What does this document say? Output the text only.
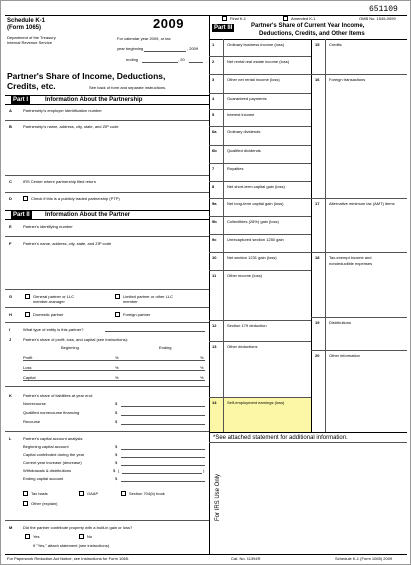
651109
Schedule K-1
(Form 1065)
Department of the Treasury
Internal Revenue Service
2009
For calendar year 2009, or tax
year beginning	, 2009
ending	, 20
Partner's Share of Income, Deductions,
Credits, etc.	See back of form and separate instructions.
Final K-1	Amended K-1	OMB No. 1545-0099
Part I	Information About the Partnership
A	Partnership's employer identification number
B	Partnership's name, address, city, state, and ZIP code
C	IRS Center where partnership filed return
D	Check if this is a publicly traded partnership (PTP)
Part II	Information About the Partner
E	Partner's identifying number
F	Partner's name, address, city, state, and ZIP code
G	General partner or LLC
member-manager
Limited partner or other LLC
member
H	Domestic partner	Foreign partner
I	What type of entity is this partner?
J	Partner's share of profit, loss, and capital (see instructions):
Beginning	Ending
Profit	%	%
Loss	%	%
Capital	%	%
K	Partner's share of liabilities at year end:
Nonrecourse	$
Qualified nonrecourse financing	$
Recourse	$
L	Partner's capital account analysis:
Beginning capital account	$
Capital contributed during the year	$
Current year increase (decrease)	$
Withdrawals & distributions	$ (	)
Ending capital account	$
Tax basis	GAAP	Section 704(b) book
Other (explain)
M	Did the partner contribute property with a built-in gain or loss?
Yes	No
If "Yes," attach statement (see instructions)
Part III	Partner's Share of Current Year Income,
Deductions, Credits, and Other Items
1	Ordinary business income (loss)
2	Net rental real estate income (loss)
3	Other net rental income (loss)
4	Guaranteed payments
5	Interest income
6a	Ordinary dividends
6b	Qualified dividends
7	Royalties
8	Net short-term capital gain (loss)
9a	Net long-term capital gain (loss)
9b	Collectibles (28%) gain (loss)
9c	Unrecaptured section 1250 gain
10	Net section 1231 gain (loss)
11	Other income (loss)
12	Section 179 deduction
13	Other deductions
14	Self-employment earnings (loss)
15 Credits
16 Foreign transactions
17 Alternative minimum tax (AMT) items
18 Tax-exempt income and
nondeductible expenses
19 Distributions
20 Other information
*See attached statement for additional information.
For IRS Use Only
For Paperwork Reduction Act Notice, see Instructions for Form 1065.	Cat. No. 11394R	Schedule K-1 (Form 1065) 2009
